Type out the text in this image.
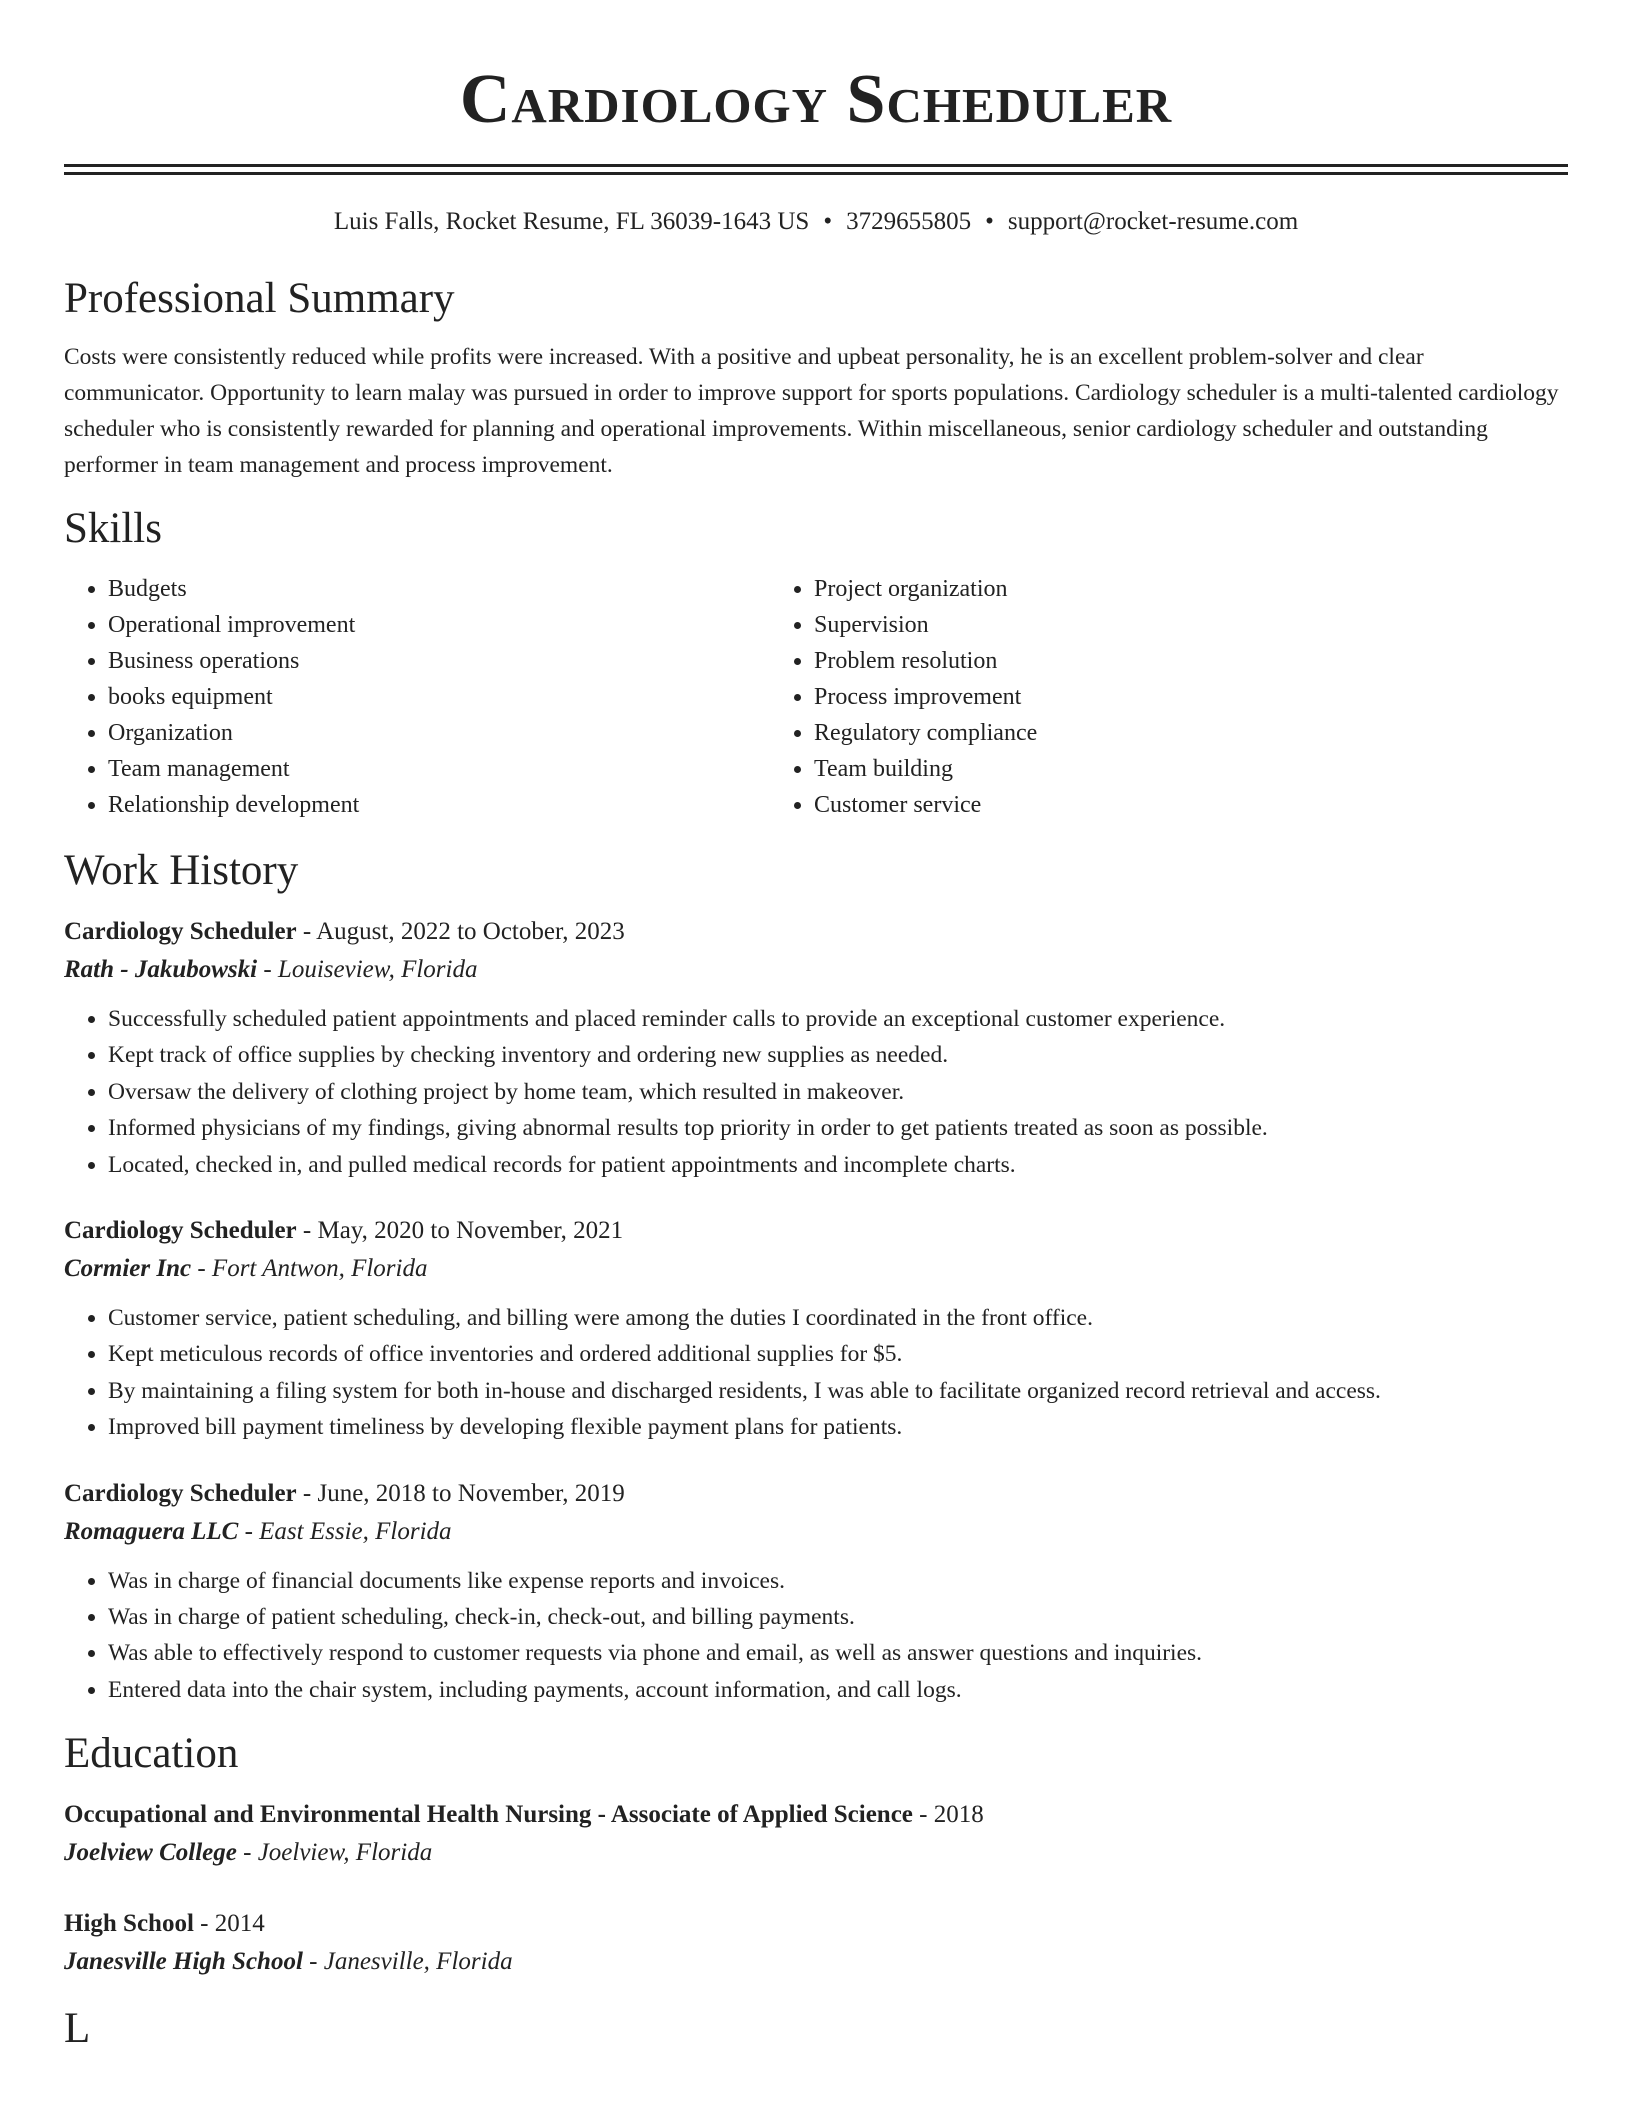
Cardiology Scheduler
Luis Falls, Rocket Resume, FL 36039-1643 US • 3729655805 • support@rocket-resume.com
Professional Summary

Costs were consistently reduced while profits were increased. With a positive and upbeat personality, he is an excellent problem-solver and clear communicator. Opportunity to learn malay was pursued in order to improve support for sports populations. Cardiology scheduler is a multi-talented cardiology scheduler who is consistently rewarded for planning and operational improvements. Within miscellaneous, senior cardiology scheduler and outstanding performer in team management and process improvement.

Skills
• Budgets
• Operational improvement
• Business operations
• books equipment
• Organization
• Team management
• Relationship development
• Project organization
• Supervision
• Problem resolution
• Process improvement
• Regulatory compliance
• Team building
• Customer service
Work History

Cardiology Scheduler - August, 2022 to October, 2023

Rath - Jakubowski - Louiseview, Florida

• Successfully scheduled patient appointments and placed reminder calls to provide an exceptional customer experience.
• Kept track of office supplies by checking inventory and ordering new supplies as needed.
• Oversaw the delivery of clothing project by home team, which resulted in makeover.
• Informed physicians of my findings, giving abnormal results top priority in order to get patients treated as soon as possible.
• Located, checked in, and pulled medical records for patient appointments and incomplete charts.

Cardiology Scheduler - May, 2020 to November, 2021

Cormier Inc - Fort Antwon, Florida

• Customer service, patient scheduling, and billing were among the duties I coordinated in the front office.
• Kept meticulous records of office inventories and ordered additional supplies for $5.
• By maintaining a filing system for both in-house and discharged residents, I was able to facilitate organized record retrieval and access.
• Improved bill payment timeliness by developing flexible payment plans for patients.

Cardiology Scheduler - June, 2018 to November, 2019

Romaguera LLC - East Essie, Florida

• Was in charge of financial documents like expense reports and invoices.
• Was in charge of patient scheduling, check-in, check-out, and billing payments.
• Was able to effectively respond to customer requests via phone and email, as well as answer questions and inquiries.
• Entered data into the chair system, including payments, account information, and call logs.
Education

Occupational and Environmental Health Nursing - Associate of Applied Science - 2018

Joelview College - Joelview, Florida

High School - 2014

Janesville High School - Janesville, Florida

L
